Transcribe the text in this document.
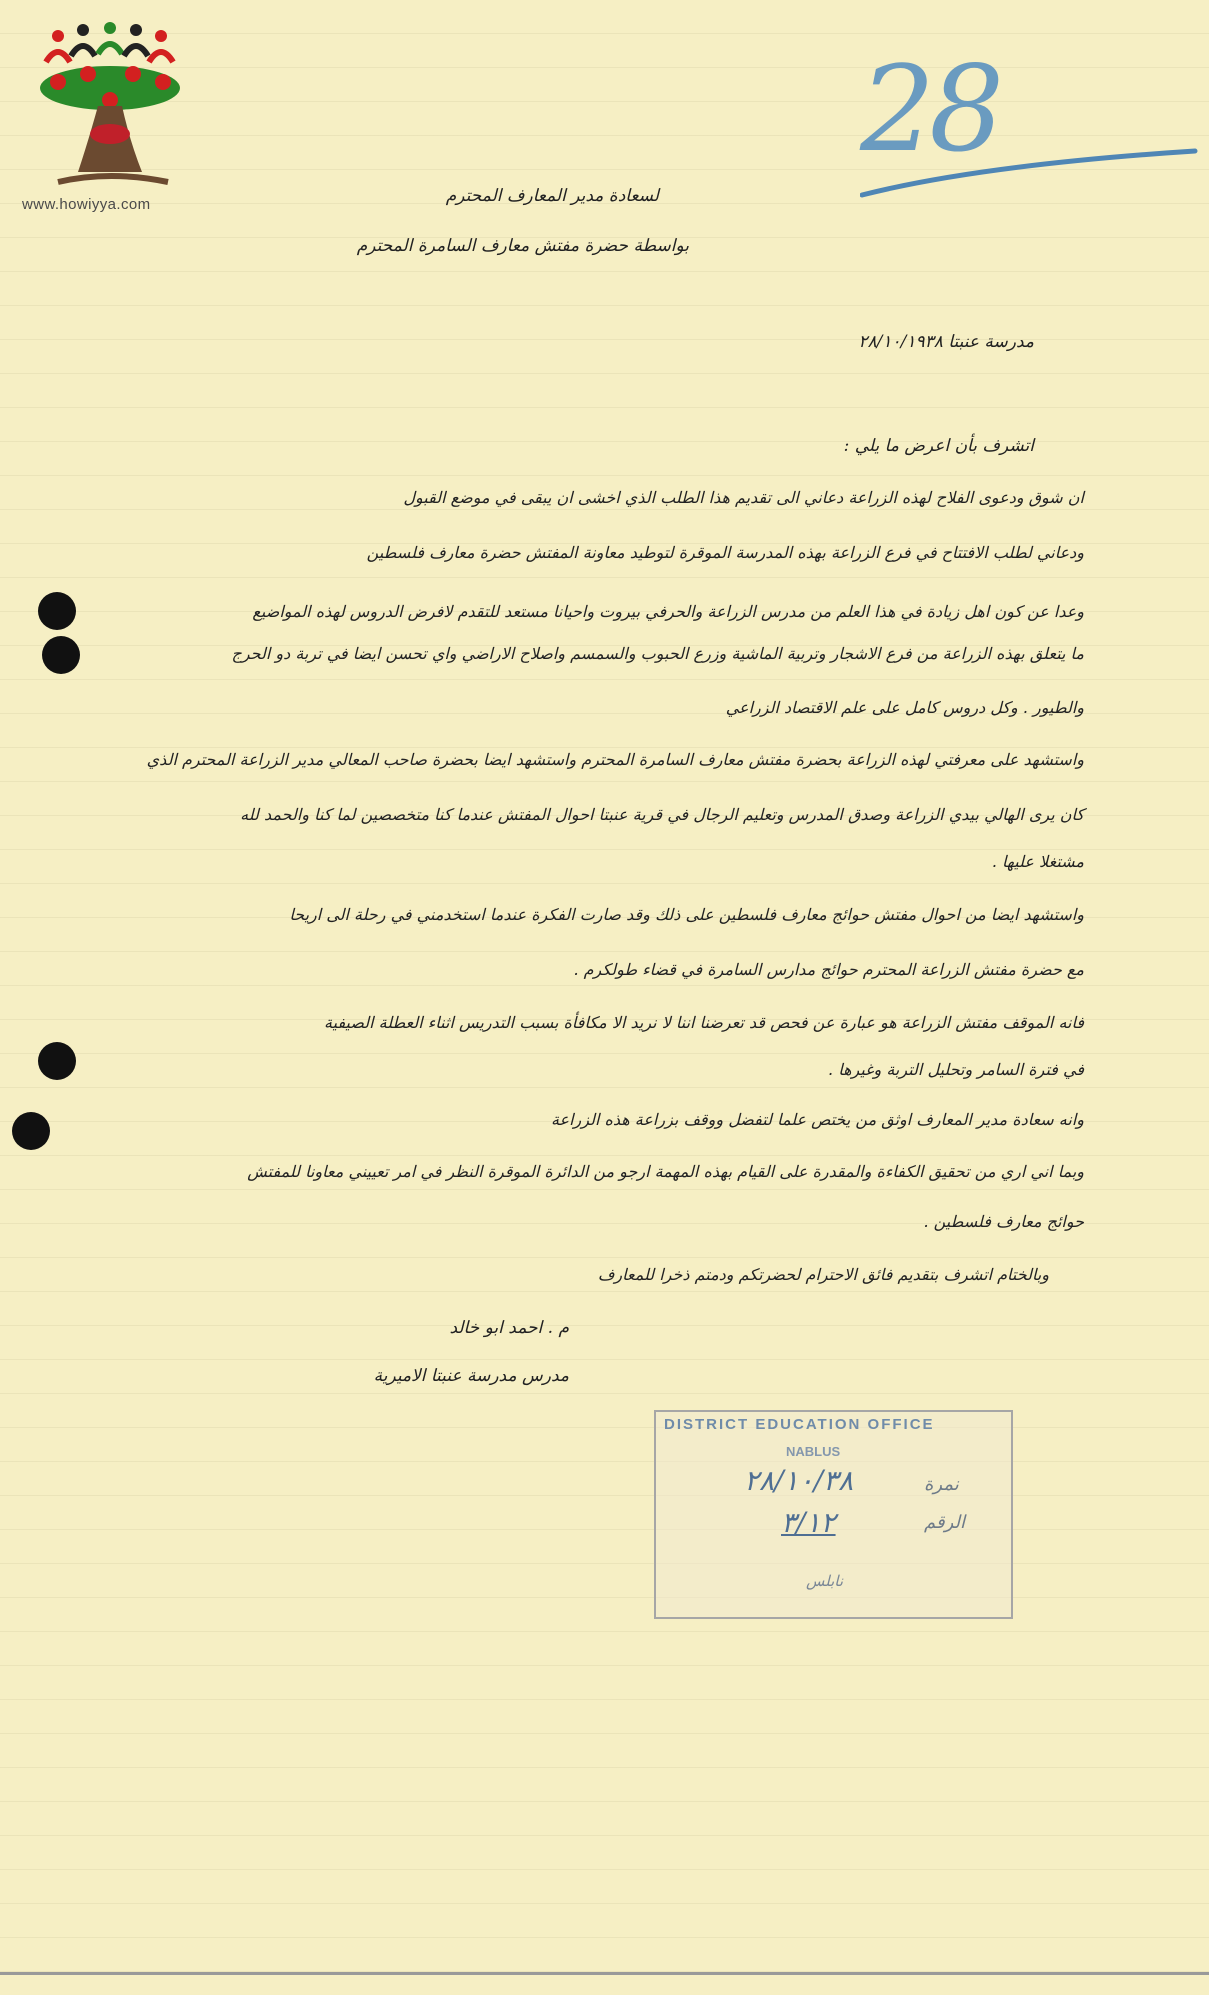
www.howiyya.com
28
لسعادة مدير المعارف المحترم
بواسطة حضرة مفتش معارف السامرة المحترم
مدرسة عنبتا ٢٨/١٠/١٩٣٨
اتشرف بأن اعرض ما يلي :
ان شوق ودعوى الفلاح لهذه الزراعة دعاني الى تقديم هذا الطلب الذي اخشى ان يبقى في موضع القبول
ودعاني لطلب الافتتاح في فرع الزراعة بهذه المدرسة الموقرة لتوطيد معاونة المفتش حضرة معارف فلسطين
وعدا عن كون اهل زيادة في هذا العلم من مدرس الزراعة والحرفي بيروت واحيانا مستعد للتقدم لافرض الدروس لهذه المواضيع
ما يتعلق بهذه الزراعة من فرع الاشجار وتربية الماشية وزرع الحبوب والسمسم واصلاح الاراضي واي تحسن ايضا في تربة دو الحرج
والطيور . وكل دروس كامل على علم الاقتصاد الزراعي
واستشهد على معرفتي لهذه الزراعة بحضرة مفتش معارف السامرة المحترم واستشهد ايضا بحضرة صاحب المعالي مدير الزراعة المحترم الذي
كان يرى الهالي بيدي الزراعة وصدق المدرس وتعليم الرجال في قرية عنبتا احوال المفتش عندما كنا متخصصين لما كنا والحمد لله
مشتغلا عليها .
واستشهد ايضا من احوال مفتش حوائج معارف فلسطين على ذلك وقد صارت الفكرة عندما استخدمني في رحلة الى اريحا
مع حضرة مفتش الزراعة المحترم حوائج مدارس السامرة في قضاء طولكرم .
فانه الموقف مفتش الزراعة هو عبارة عن فحص قد تعرضنا اننا لا نريد الا مكافأة بسبب التدريس اثناء العطلة الصيفية
في فترة السامر وتحليل التربة وغيرها .
وانه سعادة مدير المعارف اوثق من يختص علما لتفضل ووقف بزراعة هذه الزراعة
وبما اني اري من تحقيق الكفاءة والمقدرة على القيام بهذه المهمة ارجو من الدائرة الموقرة النظر في امر تعييني معاونا للمفتش
حوائج معارف فلسطين .
وبالختام اتشرف بتقديم فائق الاحترام لحضرتكم ودمتم ذخرا للمعارف
م . احمد ابو خالد
مدرس مدرسة عنبتا الاميرية
DISTRICT EDUCATION OFFICE
NABLUS
نمرة
٢٨/١٠/٣٨
الرقم
٣/١٢
نابلس
